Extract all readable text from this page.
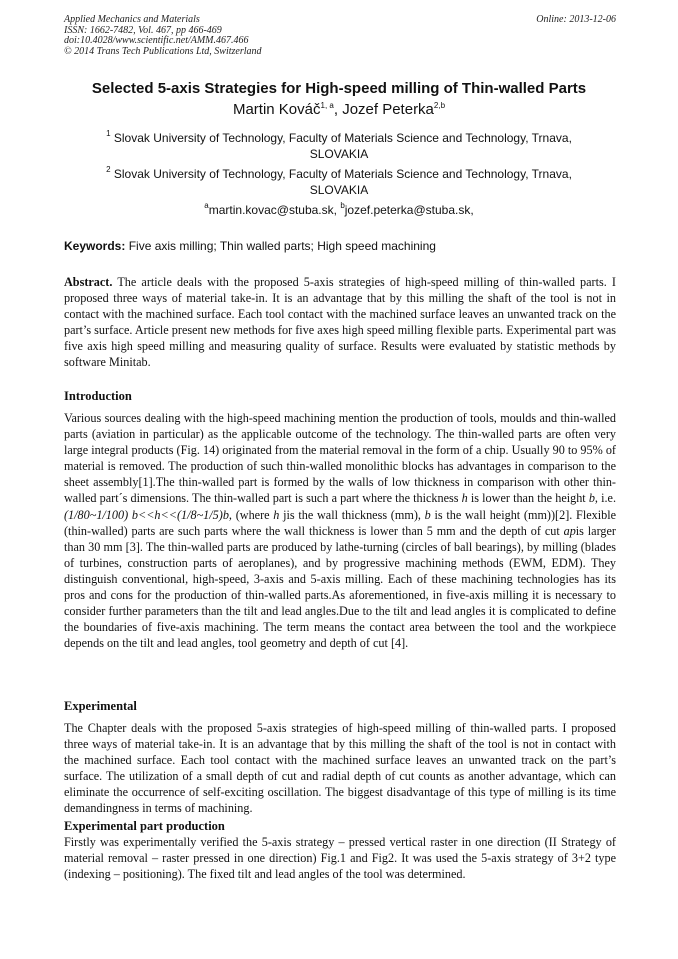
Applied Mechanics and Materials
ISSN: 1662-7482, Vol. 467, pp 466-469
doi:10.4028/www.scientific.net/AMM.467.466
© 2014 Trans Tech Publications Ltd, Switzerland
Online: 2013-12-06
Selected 5-axis Strategies for High-speed milling of Thin-walled Parts
Martin Kováč$^{1, a}$, Jozef Peterka$^{2,b}$
$^1$ Slovak University of Technology, Faculty of Materials Science and Technology, Trnava, SLOVAKIA
$^2$ Slovak University of Technology, Faculty of Materials Science and Technology, Trnava, SLOVAKIA
$^a$martin.kovac@stuba.sk, $^b$jozef.peterka@stuba.sk,
Keywords: Five axis milling; Thin walled parts; High speed machining
Abstract. The article deals with the proposed 5-axis strategies of high-speed milling of thin-walled parts. I proposed three ways of material take-in. It is an advantage that by this milling the shaft of the tool is not in contact with the machined surface. Each tool contact with the machined surface leaves an unwanted track on the part’s surface. Article present new methods for five axes high speed milling flexible parts. Experimental part was five axis high speed milling and measuring quality of surface. Results were evaluated by statistic methods by software Minitab.
Introduction
Various sources dealing with the high-speed machining mention the production of tools, moulds and thin-walled parts (aviation in particular) as the applicable outcome of the technology. The thin-walled parts are often very large integral products (Fig. 14) originated from the material removal in the form of a chip. Usually 90 to 95% of material is removed. The production of such thin-walled monolithic blocks has advantages in comparison to the sheet assembly[1].The thin-walled part is formed by the walls of low thickness in comparison with other thin-walled part´s dimensions. The thin-walled part is such a part where the thickness h is lower than the height b, i.e. (1/80~1/100) b<<h<<(1/8~1/5)b, (where h jis the wall thickness (mm), b is the wall height (mm))[2]. Flexible (thin-walled) parts are such parts where the wall thickness is lower than 5 mm and the depth of cut apis larger than 30 mm [3]. The thin-walled parts are produced by lathe-turning (circles of ball bearings), by milling (blades of turbines, construction parts of aeroplanes), and by progressive machining methods (EWM, EDM). They distinguish conventional, high-speed, 3-axis and 5-axis milling. Each of these machining technologies has its pros and cons for the production of thin-walled parts.As aforementioned, in five-axis milling it is necessary to consider further parameters than the tilt and lead angles.Due to the tilt and lead angles it is complicated to define the boundaries of five-axis machining. The term means the contact area between the tool and the workpiece depends on the tilt and lead angles, tool geometry and depth of cut [4].
Experimental
The Chapter deals with the proposed 5-axis strategies of high-speed milling of thin-walled parts. I proposed three ways of material take-in. It is an advantage that by this milling the shaft of the tool is not in contact with the machined surface. Each tool contact with the machined surface leaves an unwanted track on the part’s surface. The utilization of a small depth of cut and radial depth of cut counts as another advantage, which can eliminate the occurrence of self-exciting oscillation. The biggest disadvantage of this type of milling is its time demandingness in terms of machining.
Experimental part production
Firstly was experimentally verified the 5-axis strategy – pressed vertical raster in one direction (II Strategy of material removal – raster pressed in one direction) Fig.1 and Fig2. It was used the 5-axis strategy of 3+2 type (indexing – positioning). The fixed tilt and lead angles of the tool was determined.
